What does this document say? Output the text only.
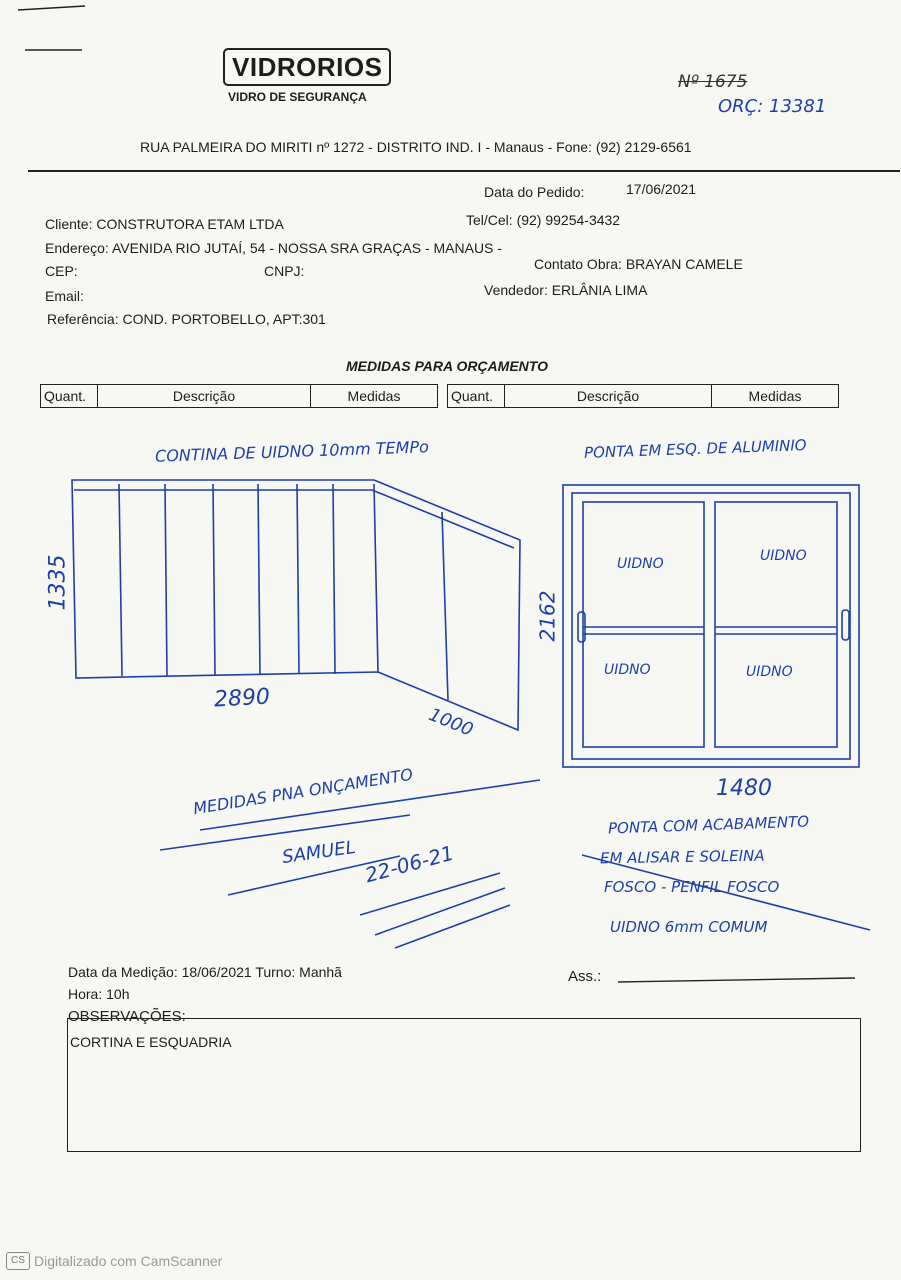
VIDRORIOS
VIDRO DE SEGURANÇA
Nº 1675
ORÇ: 13381
RUA PALMEIRA DO MIRITI nº 1272 - DISTRITO IND. I - Manaus - Fone: (92) 2129-6561
Data do Pedido:	17/06/2021
Cliente: CONSTRUTORA ETAM LTDA	Tel/Cel: (92) 99254-3432
Endereço: AVENIDA RIO JUTAÍ, 54 - NOSSA SRA GRAÇAS - MANAUS -
CEP:	CNPJ:	Contato Obra: BRAYAN CAMELE
Email:	Vendedor: ERLÂNIA LIMA
Referência: COND. PORTOBELLO, APT:301
MEDIDAS PARA ORÇAMENTO
Quant.	Descrição	Medidas		Quant.	Descrição	Medidas
CONTINA DE UIDNO 10mm TEMPo	PONTA EM ESQ. DE ALUMINIO
1335
2890
1000
2162
1480
UIDNO	UIDNO
UIDNO	UIDNO
MEDIDAS PNA ONÇAMENTO
SAMUEL 22-06-21
PONTA COM ACABAMENTO
EM ALISAR E SOLEINA
FOSCO - PENFIL FOSCO
UIDNO 6mm COMUM
Data da Medição: 18/06/2021 Turno: Manhã
Hora: 10h
Ass.:
OBSERVAÇÕES:
CORTINA E ESQUADRIA
CS Digitalizado com CamScanner
